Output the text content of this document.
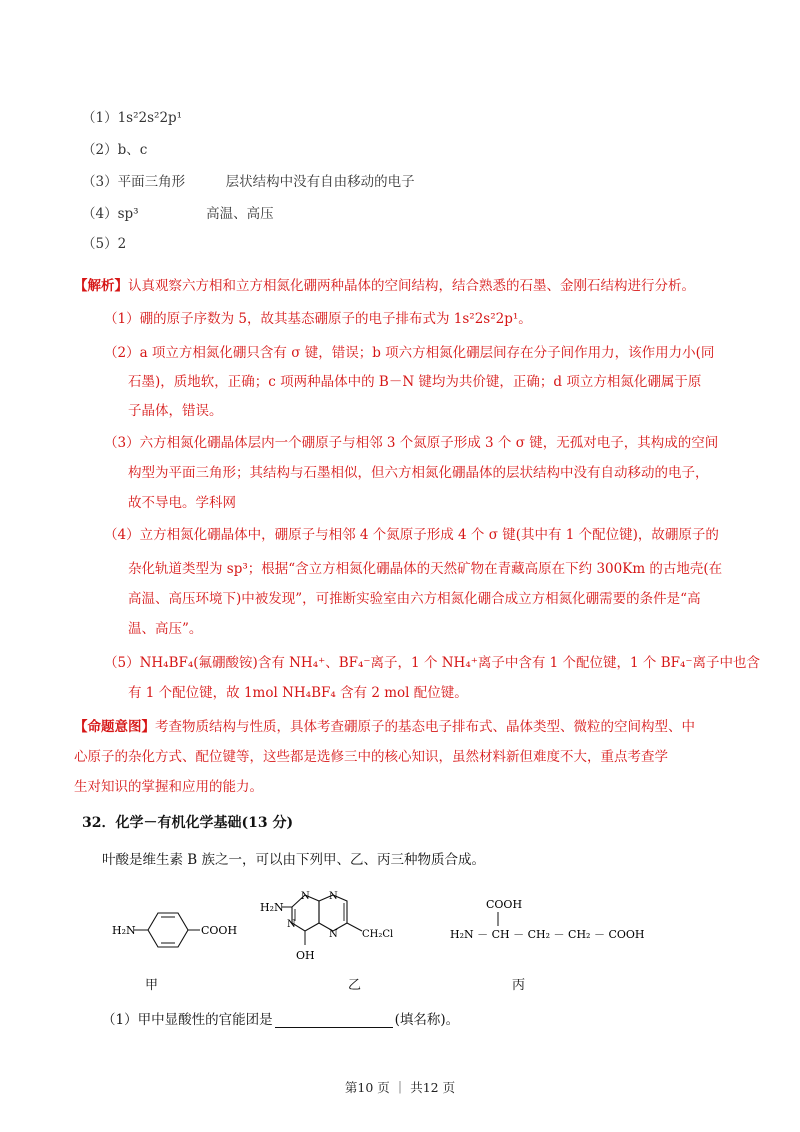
（1）1s²2s²2p¹
（2）b、c
（3）平面三角形　　　层状结构中没有自由移动的电子
（4）sp³　　　　　高温、高压
（5）2
【解析】认真观察六方相和立方相氮化硼两种晶体的空间结构，结合熟悉的石墨、金刚石结构进行分析。
（1）硼的原子序数为 5，故其基态硼原子的电子排布式为 1s²2s²2p¹。
（2）a 项立方相氮化硼只含有 σ 键，错误；b 项六方相氮化硼层间存在分子间作用力，该作用力小(同
石墨)，质地软，正确；c 项两种晶体中的 B－N 键均为共价键，正确；d 项立方相氮化硼属于原
子晶体，错误。
（3）六方相氮化硼晶体层内一个硼原子与相邻 3 个氮原子形成 3 个 σ 键，无孤对电子，其构成的空间
构型为平面三角形；其结构与石墨相似，但六方相氮化硼晶体的层状结构中没有自动移动的电子，
故不导电。学科网
（4）立方相氮化硼晶体中，硼原子与相邻 4 个氮原子形成 4 个 σ 键(其中有 1 个配位键)，故硼原子的
杂化轨道类型为 sp³；根据“含立方相氮化硼晶体的天然矿物在青藏高原在下约 300Km 的古地壳(在
高温、高压环境下)中被发现”，可推断实验室由六方相氮化硼合成立方相氮化硼需要的条件是“高
温、高压”。
（5）NH₄BF₄(氟硼酸铵)含有 NH₄⁺、BF₄⁻离子，1 个 NH₄⁺离子中含有 1 个配位键，1 个 BF₄⁻离子中也含
有 1 个配位键，故 1mol NH₄BF₄ 含有 2 mol 配位键。
【命题意图】考查物质结构与性质，具体考查硼原子的基态电子排布式、晶体类型、微粒的空间构型、中
心原子的杂化方式、配位键等，这些都是选修三中的核心知识，虽然材料新但难度不大，重点考查学
生对知识的掌握和应用的能力。
32．化学－有机化学基础(13 分)
叶酸是维生素 B 族之一，可以由下列甲、乙、丙三种物质合成。
H₂N	COOH
H₂N
N N
N
N
OH
CH₂Cl
COOH
H₂N － CH － CH₂ － CH₂ － COOH
甲	乙	丙
（1）甲中显酸性的官能团是	(填名称)。
第10 页 ｜ 共12 页
